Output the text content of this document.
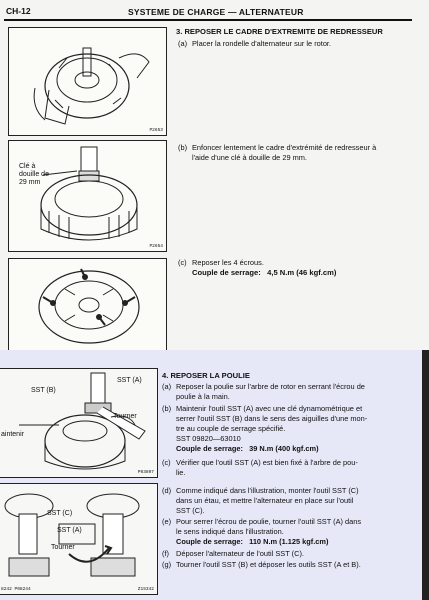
CH-12	SYSTEME DE CHARGE — ALTERNATEUR
P2653
3. REPOSER LE CADRE D'EXTREMITE DE REDRESSEUR
(a) Placer la rondelle d'alternateur sur le rotor.
Clé à
douille de
29 mm
P2654
(b) Enfoncer lentement le cadre d'extrémité de redresseur à
l'aide d'une clé à douille de 29 mm.
(c) Reposer les 4 écrous.
Couple de serrage: 4,5 N.m (46 kgf.cm)
SST (A)
SST (B)
Tourner
aintenir
P03807
SST (C)
SST (A)
Tourner
8242 P08244	Z15342
4. REPOSER LA POULIE
(a) Reposer la poulie sur l'arbre de rotor en serrant l'écrou de
poulie à la main.
(b) Maintenir l'outil SST (A) avec une clé dynamométrique et
serrer l'outil SST (B) dans le sens des aiguilles d'une mon-
tre au couple de serrage spécifié.
SST 09820—63010
Couple de serrage: 39 N.m (400 kgf.cm)
(c) Vérifier que l'outil SST (A) est bien fixé à l'arbre de pou-
lie.
(d) Comme indiqué dans l'illustration, monter l'outil SST (C)
dans un étau, et mettre l'alternateur en place sur l'outil
SST (C).
(e) Pour serrer l'écrou de poulie, tourner l'outil SST (A) dans
le sens indiqué dans l'illustration.
Couple de serrage: 110 N.m (1.125 kgf.cm)
(f) Déposer l'alternateur de l'outil SST (C).
(g) Tourner l'outil SST (B) et déposer les outils SST (A et B).
